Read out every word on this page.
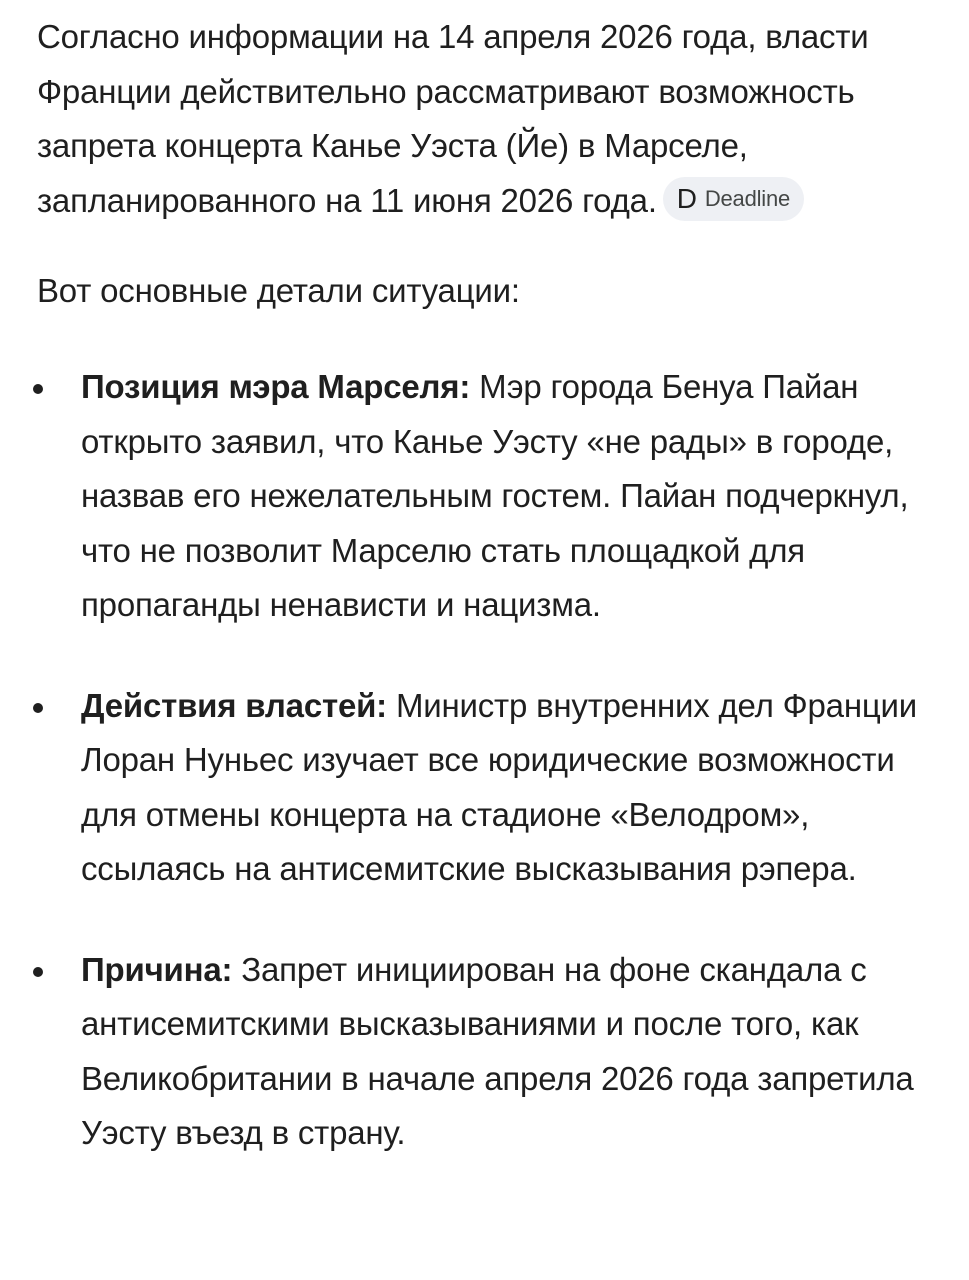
Согласно информации на 14 апреля 2026 года, власти Франции действительно рассматривают возможность запрета концерта Канье Уэста (Йе) в Марселе, запланированного на 11 июня 2026 года. D Deadline

Вот основные детали ситуации:

Позиция мэра Марселя: Мэр города Бенуа Пайан открыто заявил, что Канье Уэсту «не рады» в городе, назвав его нежелательным гостем. Пайан подчеркнул, что не позволит Марселю стать площадкой для пропаганды ненависти и нацизма.
Действия властей: Министр внутренних дел Франции Лоран Нуньес изучает все юридические возможности для отмены концерта на стадионе «Велодром», ссылаясь на антисемитские высказывания рэпера.
Причина: Запрет инициирован на фоне скандала с антисемитскими высказываниями и после того, как Великобритании в начале апреля 2026 года запретила Уэсту въезд в страну.
